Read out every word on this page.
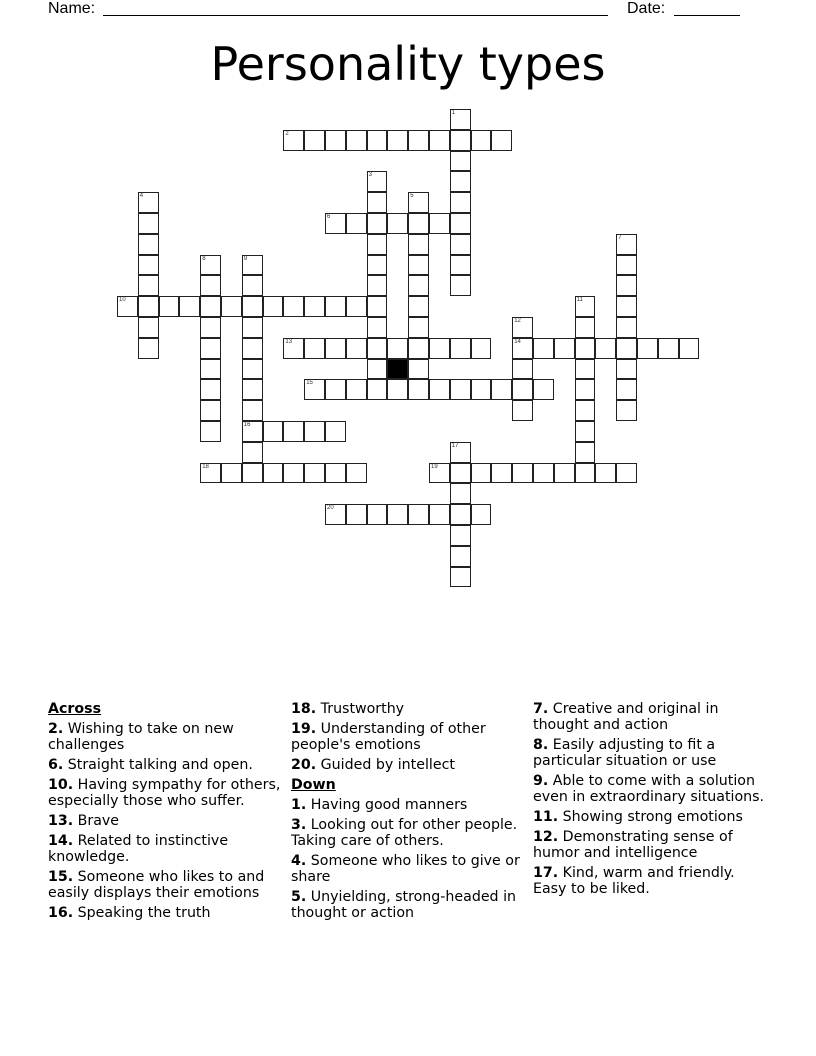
Name:	Date:
Personality types
1
2
3
4	5
6
7
8	9
16
10	11
12
14
13
15
17
18	19
20
Across
2. Wishing to take on new challenges
6. Straight talking and open.
10. Having sympathy for others, especially those who suffer.
13. Brave
14. Related to instinctive knowledge.
15. Someone who likes to and easily displays their emotions
16. Speaking the truth
18. Trustworthy
19. Understanding of other people's emotions
20. Guided by intellect
Down
1. Having good manners
3. Looking out for other people. Taking care of others.
4. Someone who likes to give or share
5. Unyielding, strong-headed in thought or action
7. Creative and original in thought and action
8. Easily adjusting to fit a particular situation or use
9. Able to come with a solution even in extraordinary situations.
11. Showing strong emotions
12. Demonstrating sense of humor and intelligence
17. Kind, warm and friendly. Easy to be liked.
